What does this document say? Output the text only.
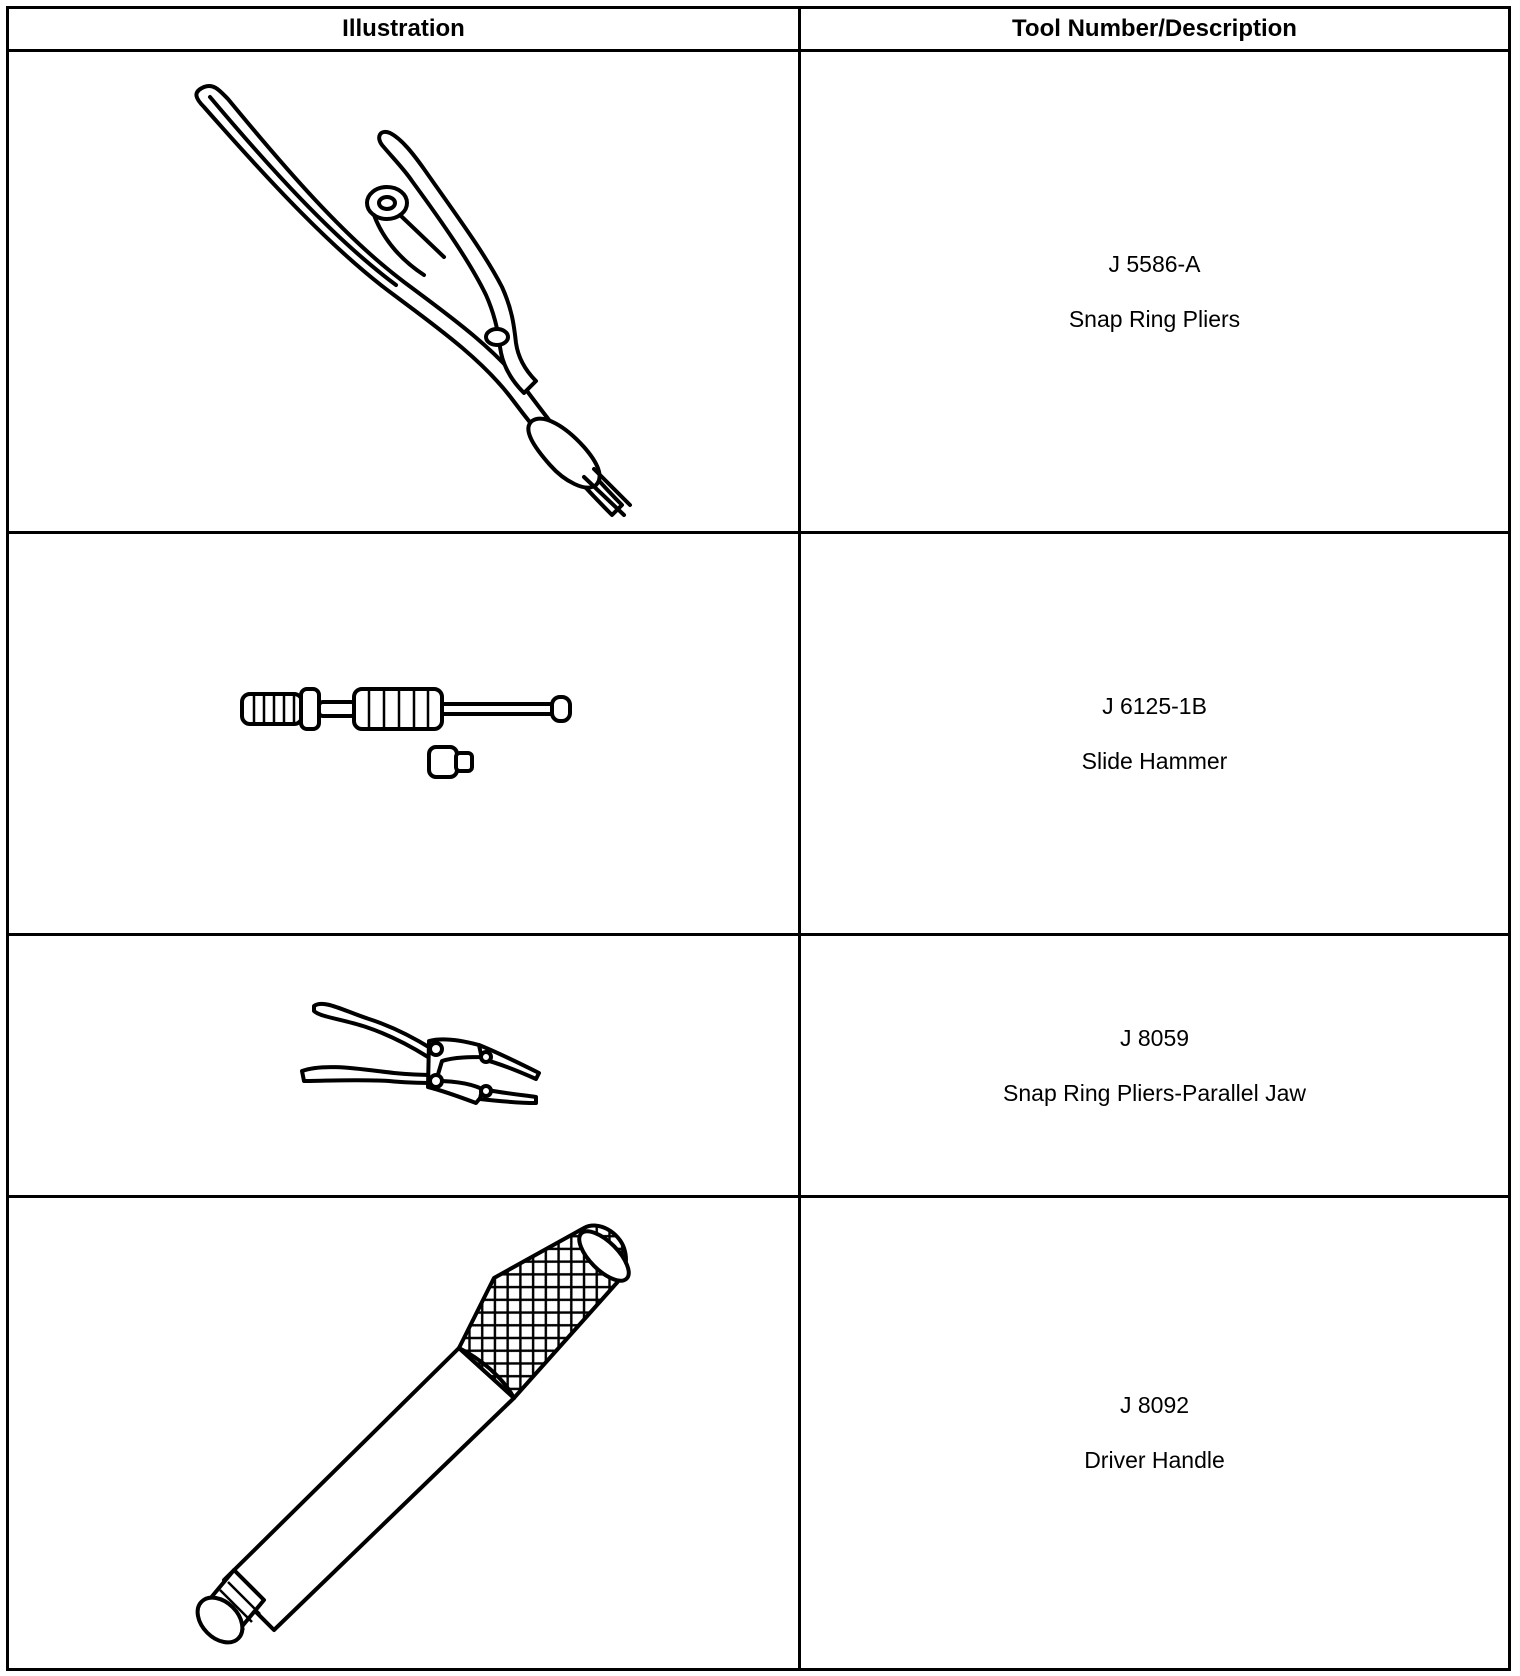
Illustration	Tool Number/Description

J 5586-A
Snap Ring Pliers

J 6125-1B
Slide Hammer

J 8059
Snap Ring Pliers-Parallel Jaw

J 8092
Driver Handle
